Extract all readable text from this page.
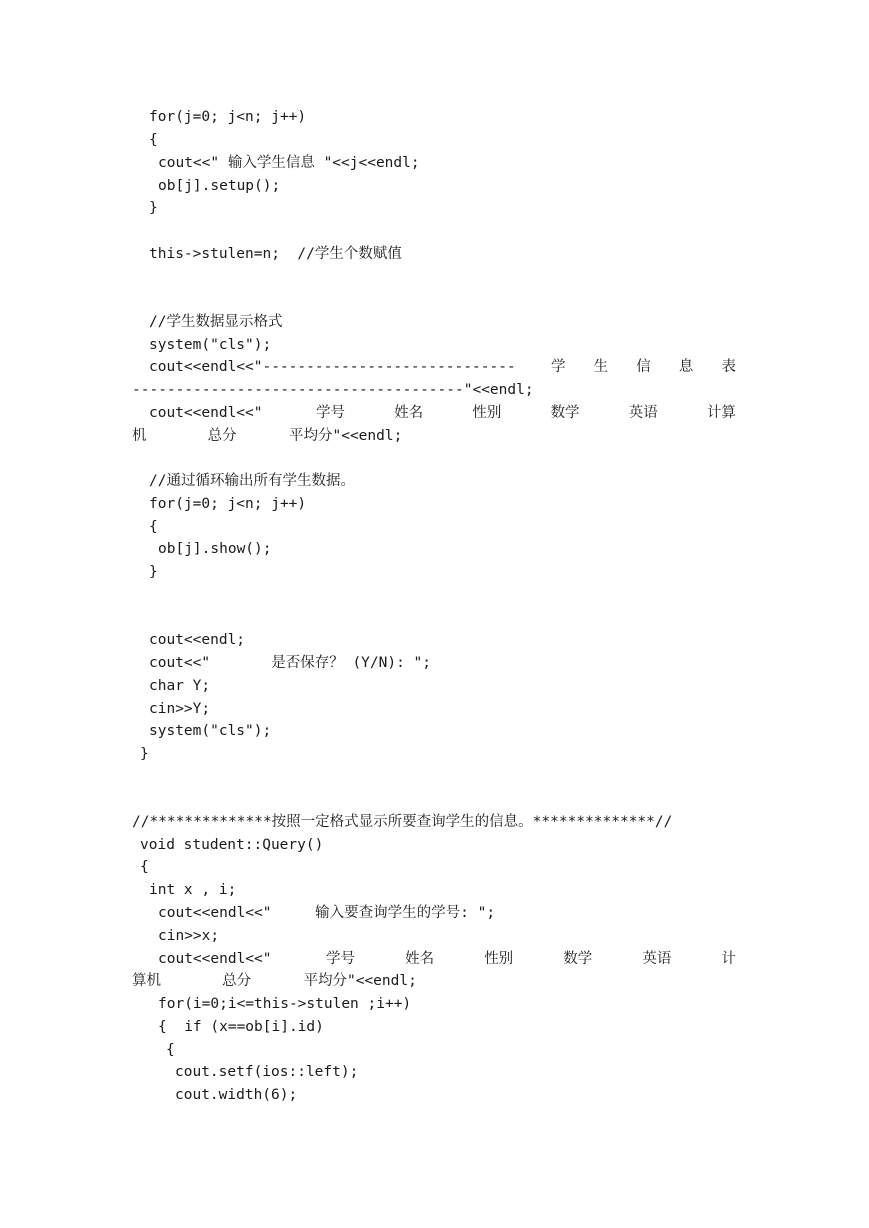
for(j=0; j<n; j++)
{
cout<<" 输入学生信息 "<<j<<endl;
ob[j].setup();
}
this->stulen=n;  //学生个数赋值
//学生数据显示格式
system("cls");
cout<<endl<<"----------------------------- 学 生 信 息 表
--------------------------------------"<<endl;
cout<<endl<<"	学号	姓名	性别	数学	英语	计算
机       总分      平均分"<<endl;
//通过循环输出所有学生数据。
for(j=0; j<n; j++)
{
ob[j].show();
}
cout<<endl;
cout<<"       是否保存？ (Y/N): ";
char Y;
cin>>Y;
system("cls");
}
//**************按照一定格式显示所要查询学生的信息。**************//
void student::Query()
{
int x , i;
cout<<endl<<"     输入要查询学生的学号: ";
cin>>x;
cout<<endl<<"	学号	姓名	性别	数学	英语	计
算机       总分      平均分"<<endl;
for(i=0;i<=this->stulen ;i++)
{  if (x==ob[i].id)
{
cout.setf(ios::left);
cout.width(6);
